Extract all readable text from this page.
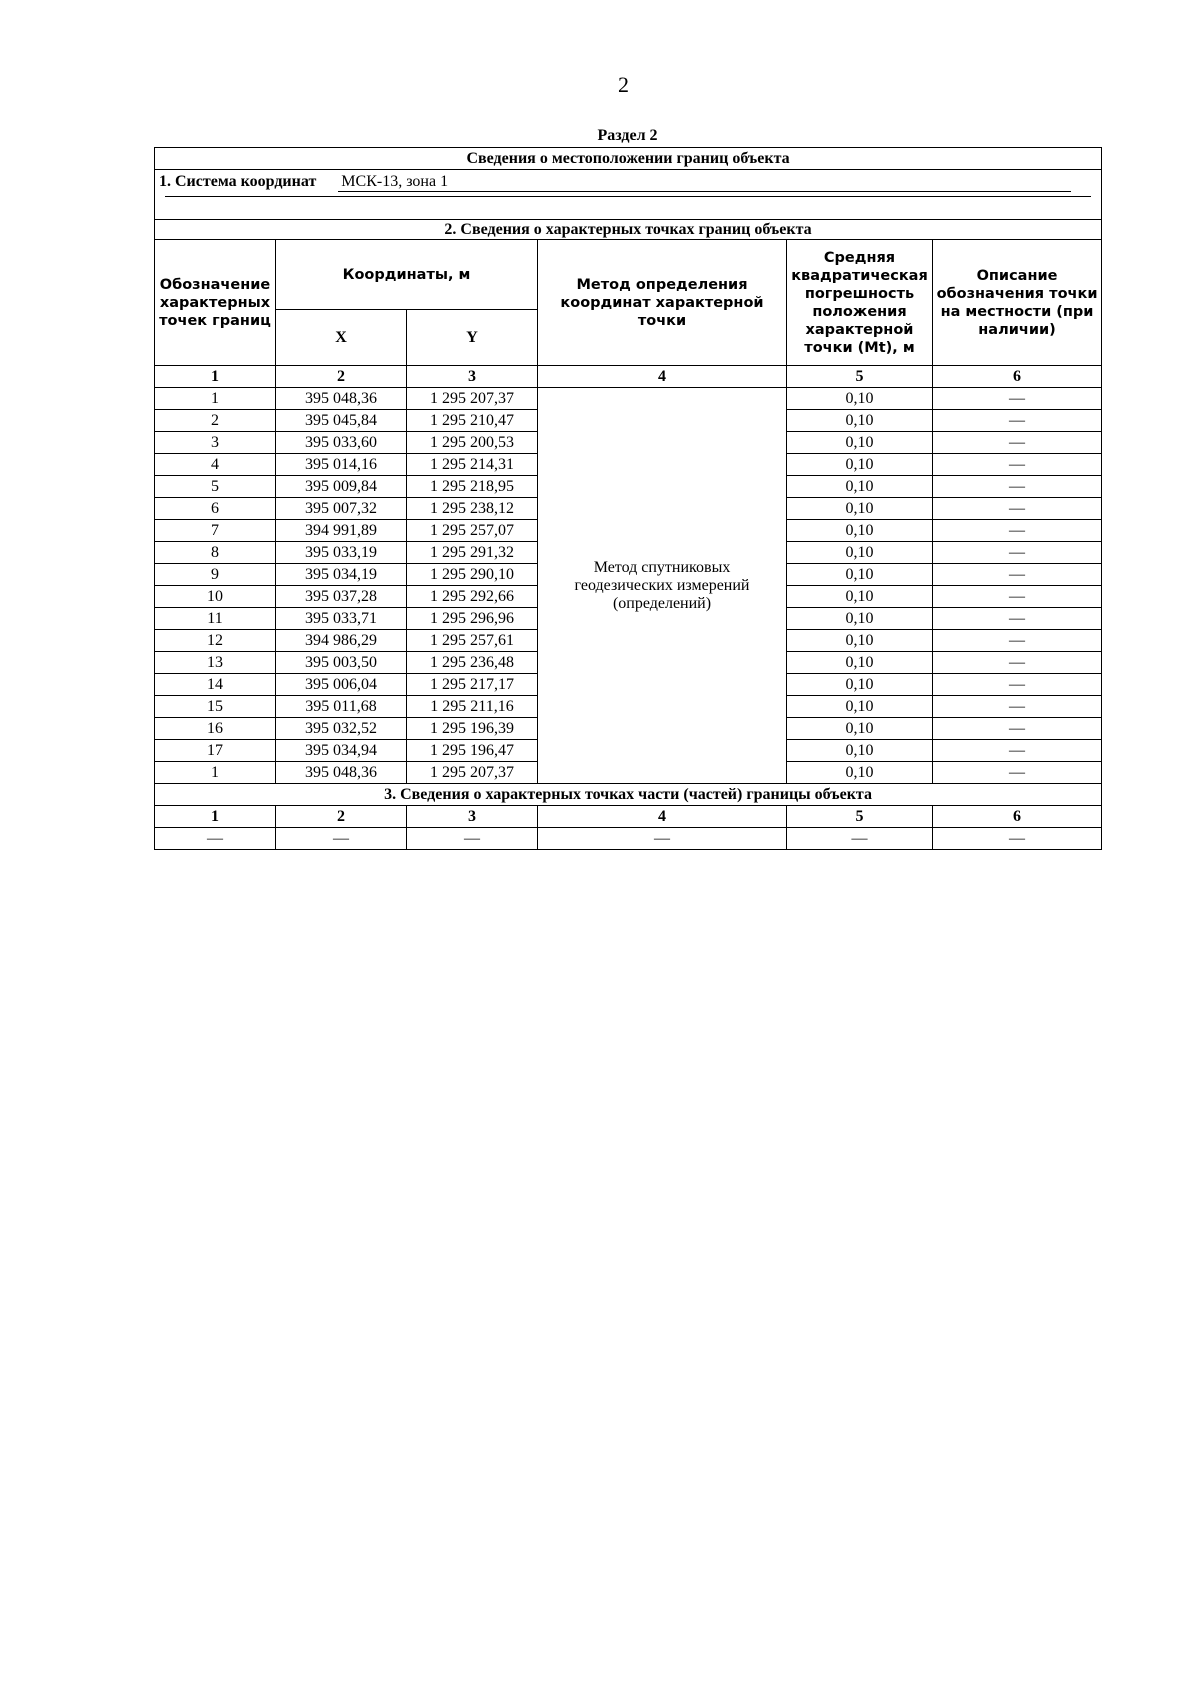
2
Раздел 2
Сведения о местоположении границ объекта					
1. Система координат МСК-13, зона 1					

2. Сведения о характерных точках границ объекта					
Обозначение характерных точек границ	Координаты, м		Метод определения координат характерной точки	Средняя квадратическая погрешность положения характерной точки (Mt), м	Описание обозначения точки на местности (при наличии)
	X	Y			
1	2	3	4	5	6
1	395 048,36	1 295 207,37	Метод спутниковых геодезических измерений (определений)	0,10	—
2	395 045,84	1 295 210,47		0,10	—
3	395 033,60	1 295 200,53		0,10	—
4	395 014,16	1 295 214,31		0,10	—
5	395 009,84	1 295 218,95		0,10	—
6	395 007,32	1 295 238,12		0,10	—
7	394 991,89	1 295 257,07		0,10	—
8	395 033,19	1 295 291,32		0,10	—
9	395 034,19	1 295 290,10		0,10	—
10	395 037,28	1 295 292,66		0,10	—
11	395 033,71	1 295 296,96		0,10	—
12	394 986,29	1 295 257,61		0,10	—
13	395 003,50	1 295 236,48		0,10	—
14	395 006,04	1 295 217,17		0,10	—
15	395 011,68	1 295 211,16		0,10	—
16	395 032,52	1 295 196,39		0,10	—
17	395 034,94	1 295 196,47		0,10	—
1	395 048,36	1 295 207,37		0,10	—
3. Сведения о характерных точках части (частей) границы объекта					
1	2	3	4	5	6
—	—	—	—	—	—
